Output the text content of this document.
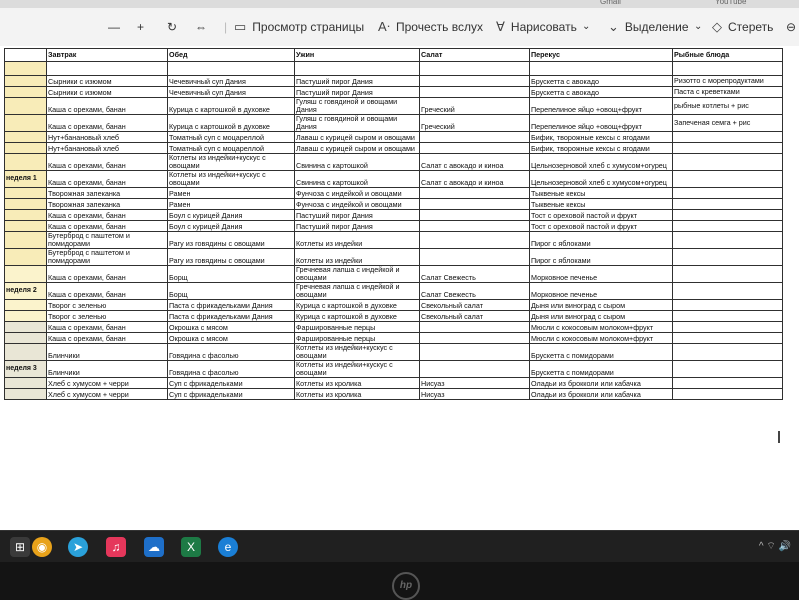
Gmail	YouTube
— + ↻ ⇔ | ▭ Просмотр страницы Aᐧ Прочесть вслух ∀ Нарисовать ⌄ ⌄ Выделение ⌄ ◇ Стереть ⊖
	Завтрак	Обед	Ужин	Салат	Перекус	Рыбные блюда

	Сырники с изюмом	Чечевичный суп Дания	Пастуший пирог Дания		Брускетта с авокадо	Ризотто с морепродуктами
	Сырники с изюмом	Чечевичный суп Дания	Пастуший пирог Дания		Брускетта с авокадо	Паста с креветками
	Каша с орехами, банан	Курица с картошкой в духовке	Гуляш с говядиной и овощами Дания	Греческий	Перепелиное яйцо +овощ+фрукт	рыбные котлеты + рис
	Каша с орехами, банан	Курица с картошкой в духовке	Гуляш с говядиной и овощами Дания	Греческий	Перепелиное яйцо +овощ+фрукт	Запеченая семга + рис
	Нут+банановый хлеб	Томатный суп с моцареллой	Лаваш с курицей сыром и овощами		Бифик, творожные кексы с ягодами	
	Нут+банановый хлеб	Томатный суп с моцареллой	Лаваш с курицей сыром и овощами		Бифик, творожные кексы с ягодами	
	Каша с орехами, банан	Котлеты из индейки+кускус с овощами	Свинина с картошкой	Салат с авокадо и киноа	Цельнозерновой хлеб с хумусом+огурец	
неделя 1	Каша с орехами, банан	Котлеты из индейки+кускус с овощами	Свинина с картошкой	Салат с авокадо и киноа	Цельнозерновой хлеб с хумусом+огурец	
	Творожная запеканка	Рамен	Фунчоза с индейкой и овощами		Тыквеные кексы	
	Творожная запеканка	Рамен	Фунчоза с индейкой и овощами		Тыквеные кексы	
	Каша с орехами, банан	Боул с курицей Дания	Пастуший пирог Дания		Тост с ореховой пастой и фрукт	
	Каша с орехами, банан	Боул с курицей Дания	Пастуший пирог Дания		Тост с ореховой пастой и фрукт	
	Бутерброд с паштетом и помидорами	Рагу из говядины с овощами	Котлеты из индейки		Пирог с яблоками	
	Бутерброд с паштетом и помидорами	Рагу из говядины с овощами	Котлеты из индейки		Пирог с яблоками	
	Каша с орехами, банан	Борщ	Гречневая лапша с индейкой и овощами	Салат Свежесть	Морковное печенье	
неделя 2	Каша с орехами, банан	Борщ	Гречневая лапша с индейкой и овощами	Салат Свежесть	Морковное печенье	
	Творог с зеленью	Паста с фрикадельками Дания	Курица с картошкой в духовке	Свекольный салат	Дыня или виноград с сыром	
	Творог с зеленью	Паста с фрикадельками Дания	Курица с картошкой в духовке	Свекольный салат	Дыня или виноград с сыром	
	Каша с орехами, банан	Окрошка с мясом	Фаршированные перцы		Мюсли с кокосовым молоком+фрукт	
	Каша с орехами, банан	Окрошка с мясом	Фаршированные перцы		Мюсли с кокосовым молоком+фрукт	
	Блинчики	Говядина с фасолью	Котлеты из индейки+кускус с овощами		Брускетта с помидорами	
неделя 3	Блинчики	Говядина с фасолью	Котлеты из индейки+кускус с овощами		Брускетта с помидорами	
	Хлеб с хумусом + черри	Суп с фрикадельками	Котлеты из кролика	Нисуаз	Оладьи из брокколи или кабачка	
	Хлеб с хумусом + черри	Суп с фрикадельками	Котлеты из кролика	Нисуаз	Оладьи из брокколи или кабачка	
⊞ ◉	➤	♫	☁	X	e	^ ⌔ 🔊
hp
